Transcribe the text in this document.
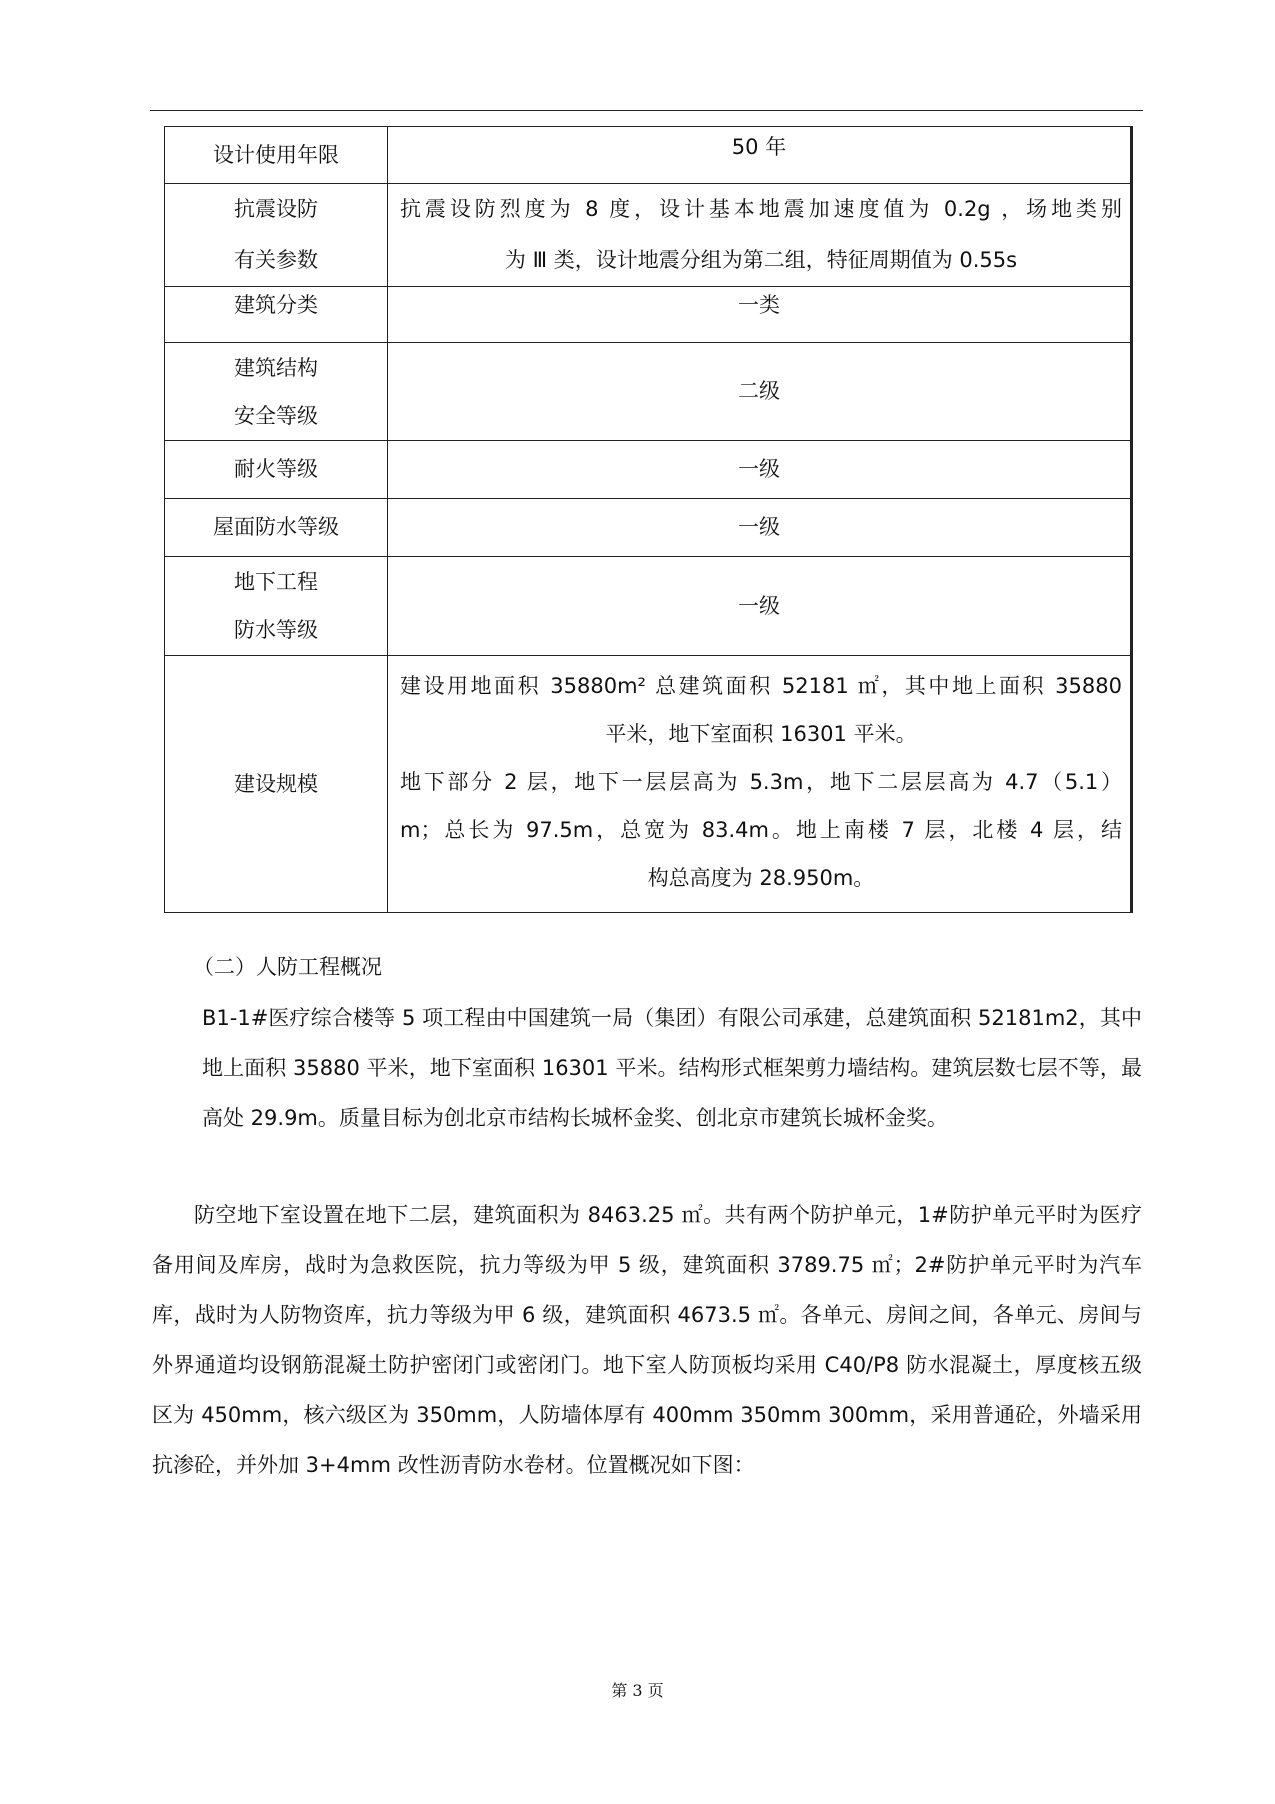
设计使用年限	50 年

抗震设防
有关参数	抗震设防烈度为 8 度，设计基本地震加速度值为 0.2g ，场地类别
为 Ⅲ 类，设计地震分组为第二组，特征周期值为 0.55s

建筑分类	一类

建筑结构
安全等级	二级

耐火等级	一级

屋面防水等级	一级

地下工程
防水等级	一级

建设规模	建设用地面积 35880m² 总建筑面积 52181 ㎡，其中地上面积 35880
平米，地下室面积 16301 平米。
地下部分 2 层，地下一层层高为 5.3m，地下二层层高为 4.7（5.1）
m；总长为 97.5m，总宽为 83.4m。地上南楼 7 层，北楼 4 层，结
构总高度为 28.950m。
（二）人防工程概况
B1-1#医疗综合楼等 5 项工程由中国建筑一局（集团）有限公司承建，总建筑面积 52181m2，其中地上面积 35880 平米，地下室面积 16301 平米。结构形式框架剪力墙结构。建筑层数七层不等，最高处 29.9m。质量目标为创北京市结构长城杯金奖、创北京市建筑长城杯金奖。
防空地下室设置在地下二层，建筑面积为 8463.25 ㎡。共有两个防护单元，1#防护单元平时为医疗备用间及库房，战时为急救医院，抗力等级为甲 5 级，建筑面积 3789.75 ㎡；2#防护单元平时为汽车库，战时为人防物资库，抗力等级为甲 6 级，建筑面积 4673.5 ㎡。各单元、房间之间，各单元、房间与外界通道均设钢筋混凝土防护密闭门或密闭门。地下室人防顶板均采用 C40/P8 防水混凝土，厚度核五级区为 450mm，核六级区为 350mm，人防墙体厚有 400mm 350mm 300mm，采用普通砼，外墙采用抗渗砼，并外加 3+4mm 改性沥青防水卷材。位置概况如下图：
第 3 页
